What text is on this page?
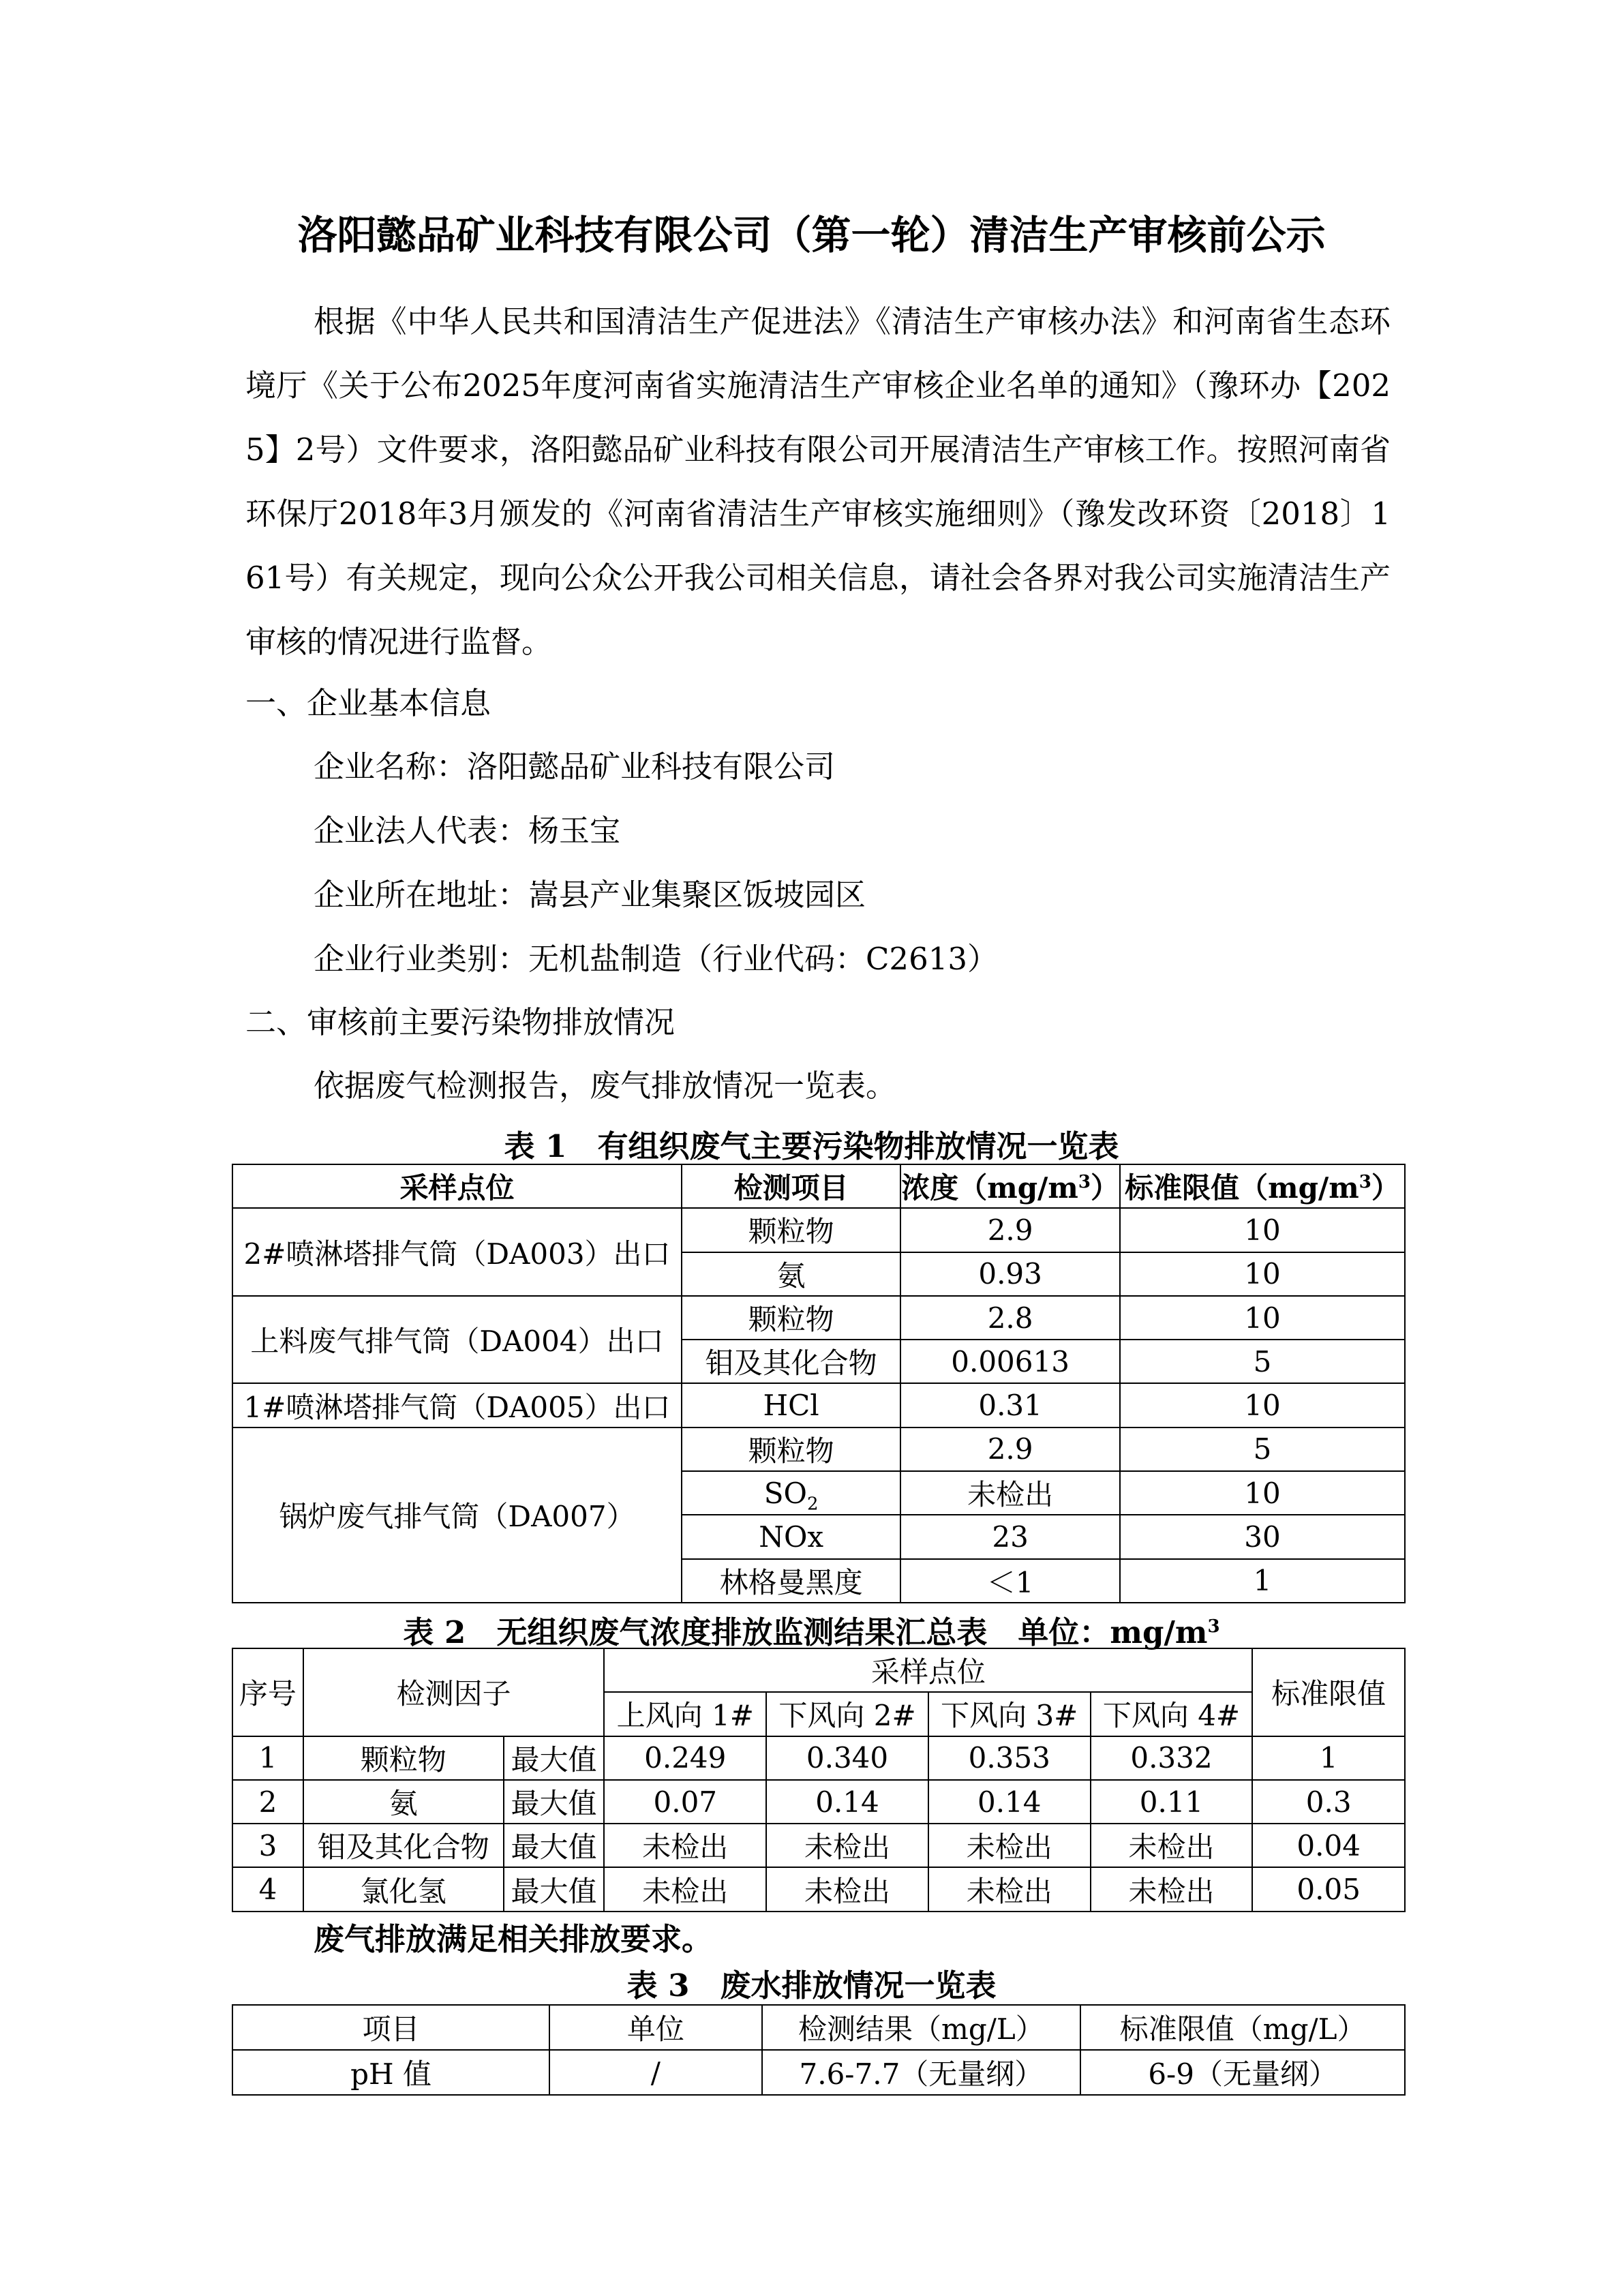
洛阳懿品矿业科技有限公司（第一轮）清洁生产审核前公示
根据《中华人民共和国清洁生产促进法》《清洁生产审核办法》和河南省生态环境厅《关于公布2025年度河南省实施清洁生产审核企业名单的通知》（豫环办【2025】2号）文件要求，洛阳懿品矿业科技有限公司开展清洁生产审核工作。按照河南省环保厅2018年3月颁发的《河南省清洁生产审核实施细则》（豫发改环资〔2018〕161号）有关规定，现向公众公开我公司相关信息，请社会各界对我公司实施清洁生产审核的情况进行监督。
一、企业基本信息
企业名称：洛阳懿品矿业科技有限公司
企业法人代表：杨玉宝
企业所在地址：嵩县产业集聚区饭坡园区
企业行业类别：无机盐制造（行业代码：C2613）
二、审核前主要污染物排放情况
依据废气检测报告，废气排放情况一览表。
表 1　有组织废气主要污染物排放情况一览表
采样点位	检测项目	浓度$(mg/m^3)$	标准限值$(mg/m^3)$
2#喷淋塔排气筒（DA003）出口	颗粒物	2.9	10
	氨	0.93	10
上料废气排气筒（DA004）出口	颗粒物	2.8	10
	钼及其化合物	0.00613	5
1#喷淋塔排气筒（DA005）出口	HCl	0.31	10
锅炉废气排气筒（DA007）	颗粒物	2.9	5
	$SO_2$	未检出	10
	NOx	23	30
	林格曼黑度	＜1	1
表 2　无组织废气浓度排放监测结果汇总表　单位：$mg/m^3$
序号	检测因子		采样点位				标准限值
			上风向 1#	下风向 2#	下风向 3#	下风向 4#	
1	颗粒物	最大值	0.249	0.340	0.353	0.332	1
2	氨	最大值	0.07	0.14	0.14	0.11	0.3
3	钼及其化合物	最大值	未检出	未检出	未检出	未检出	0.04
4	氯化氢	最大值	未检出	未检出	未检出	未检出	0.05
废气排放满足相关排放要求。
表 3　废水排放情况一览表
项目	单位	检测结果（mg/L）	标准限值（mg/L）
pH 值	/	7.6-7.7（无量纲）	6-9（无量纲）
